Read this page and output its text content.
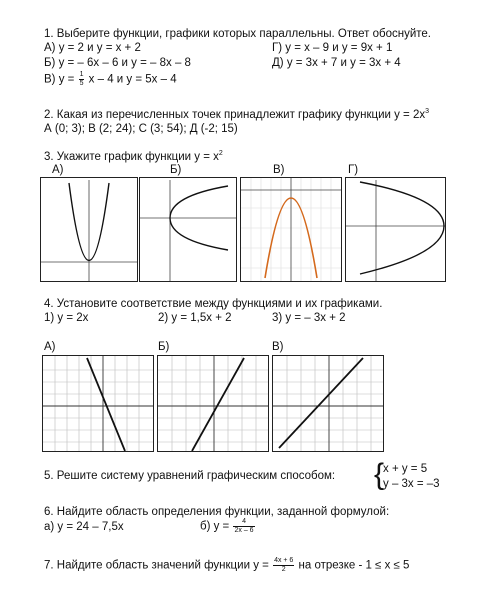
1. Выберите функции, графики которых параллельны. Ответ обоснуйте.
А) y = 2 и y = x + 2	Г) y = x – 9 и y = 9x + 1
Б) y = – 6x – 6 и y = – 8x – 8	Д) y = 3x + 7 и y = 3x + 4
В) $y = \frac{1}{5}$ x – 4 и y = 5x – 4
2. Какая из перечисленных точек принадлежит графику функции $y = 2x^3$
А (0; 3); В (2; 24); С (3; 54); Д (-2; 15)
3. Укажите график функции $y = x^2$
А)	Б)	В)	Г)
4. Установите соответствие между функциями и их графиками.
1) y = 2x	2) y = 1,5x + 2	3) y = – 3x + 2
А)	Б)	В)
5. Решите систему уравнений графическим способом: {
x + y = 5
y – 3x = –3
6. Найдите область определения функции, заданной формулой:
а) y = 24 – 7,5x	б) $y = \frac{4}{2x - 6}$
7. Найдите область значений функции $y = \frac{4x + 6}{2}$ на отрезке - 1 ≤ x ≤ 5
